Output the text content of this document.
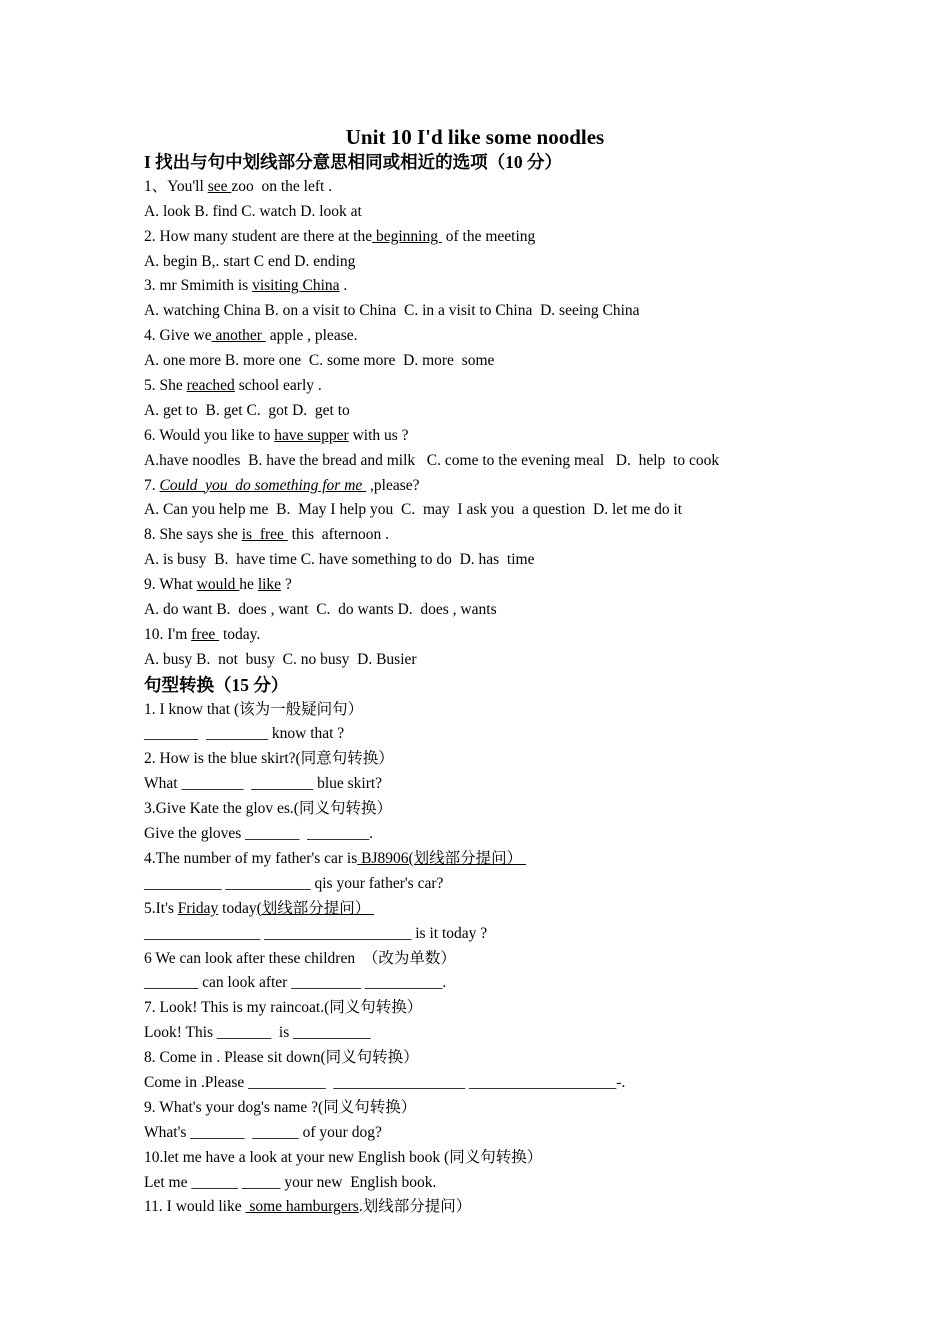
Unit 10 I'd like some noodles
I 找出与句中划线部分意思相同或相近的选项（10 分）
1、You'll see zoo  on the left .
A. look B. find C. watch D. look at
2. How many student are there at the beginning  of the meeting
A. begin B,. start C end D. ending
3. mr Smimith is visiting China .
A. watching China B. on a visit to China  C. in a visit to China  D. seeing China
4. Give we another  apple , please.
A. one more B. more one  C. some more  D. more  some
5. She reached school early .
A. get to  B. get C.  got D.  get to
6. Would you like to have supper with us ?
A.have noodles  B. have the bread and milk   C. come to the evening meal   D.  help  to cook
7. Could  you  do something for me  ,please?
A. Can you help me  B.  May I help you  C.  may  I ask you  a question  D. let me do it
8. She says she is  free  this  afternoon .
A. is busy  B.  have time C. have something to do  D. has  time
9. What would he like ?
A. do want B.  does , want  C.  do wants D.  does , wants
10. I'm free  today.
A. busy B.  not  busy  C. no busy  D. Busier
句型转换（15 分）
1. I know that (该为一般疑问句）
_______  ________ know that ?
2. How is the blue skirt?(同意句转换）
What ________  ________ blue skirt?
3.Give Kate the glov es.(同义句转换）
Give the gloves _______  ________.
4.The number of my father's car is BJ8906(划线部分提问）
__________ ___________ qis your father's car?
5.It's Friday today(划线部分提问）
_______________ ___________________ is it today ?
6 We can look after these children  （改为单数）
_______ can look after _________ __________.
7. Look! This is my raincoat.(同义句转换）
Look! This _______  is __________
8. Come in . Please sit down(同义句转换）
Come in .Please __________  _________________ ___________________-.
9. What's your dog's name ?(同义句转换）
What's _______  ______ of your dog?
10.let me have a look at your new English book (同义句转换）
Let me ______ _____ your new  English book.
11. I would like  some hamburgers.划线部分提问）
